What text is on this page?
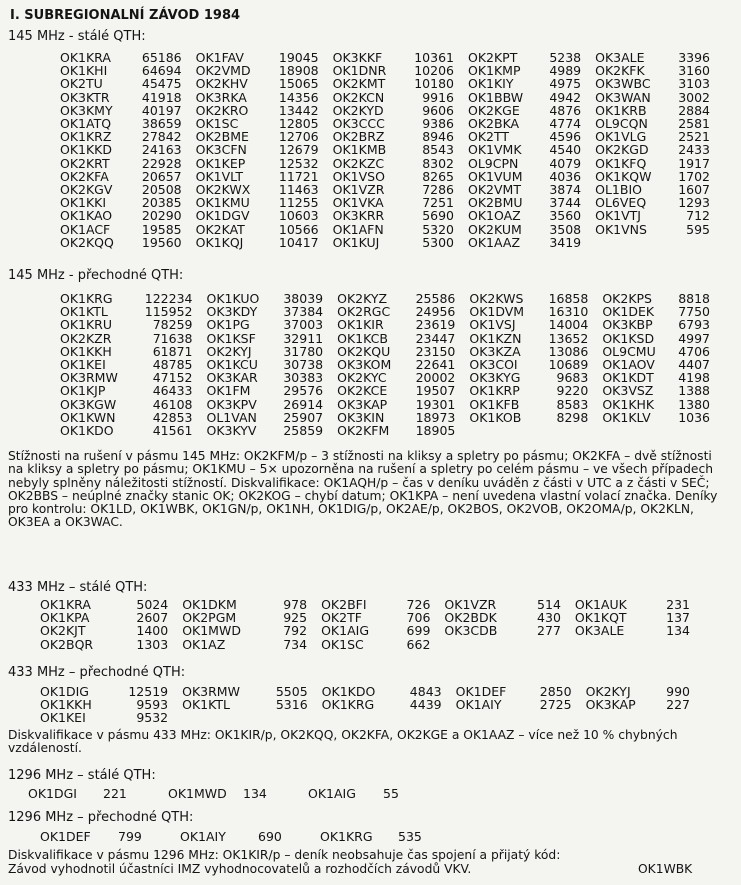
I. SUBREGIONALNÍ ZÁVOD 1984
145 MHz - stálé QTH:
OK1KRA	65186	OK1FAV	19045	OK3KKF	10361	OK2KPT	5238	OK3ALE	3396
OK1KHI	64694	OK2VMD	18908	OK1DNR	10206	OK1KMP	4989	OK2KFK	3160
OK2TU	45475	OK2KHV	15065	OK2KMT	10180	OK1KIY	4975	OK3WBC	3103
OK3KTR	41918	OK3RKA	14356	OK2KCN	9916	OK1BBW	4942	OK3WAN	3002
OK3KMY	40197	OK2KRO	13442	OK2KYD	9606	OK2KGE	4876	OK1KRB	2884
OK1ATQ	38659	OK1SC	12805	OK3CCC	9386	OK2BKA	4774	OL9CQN	2581
OK1KRZ	27842	OK2BME	12706	OK2BRZ	8946	OK2TT	4596	OK1VLG	2521
OK1KKD	24163	OK3CFN	12679	OK1KMB	8543	OK1VMK	4540	OK2KGD	2433
OK2KRT	22928	OK1KEP	12532	OK2KZC	8302	OL9CPN	4079	OK1KFQ	1917
OK2KFA	20657	OK1VLT	11721	OK1VSO	8265	OK1VUM	4036	OK1KQW	1702
OK2KGV	20508	OK2KWX	11463	OK1VZR	7286	OK2VMT	3874	OL1BIO	1607
OK1KKI	20385	OK1KMU	11255	OK1VKA	7251	OK2BMU	3744	OL6VEQ	1293
OK1KAO	20290	OK1DGV	10603	OK3KRR	5690	OK1OAZ	3560	OK1VTJ	712
OK1ACF	19585	OK2KAT	10566	OK1AFN	5320	OK2KUM	3508	OK1VNS	595
OK2KQQ	19560	OK1KQJ	10417	OK1KUJ	5300	OK1AAZ	3419		
145 MHz - přechodné QTH:
OK1KRG	122234	OK1KUO	38039	OK2KYZ	25586	OK2KWS	16858	OK2KPS	8818
OK1KTL	115952	OK3KDY	37384	OK2RGC	24956	OK1DVM	16310	OK1DEK	7750
OK1KRU	78259	OK1PG	37003	OK1KIR	23619	OK1VSJ	14004	OK3KBP	6793
OK2KZR	71638	OK1KSF	32911	OK1KCB	23447	OK1KZN	13652	OK1KSD	4997
OK1KKH	61871	OK2KYJ	31780	OK2KQU	23150	OK3KZA	13086	OL9CMU	4706
OK1KEI	48785	OK1KCU	30738	OK3KOM	22641	OK3COI	10689	OK1AOV	4407
OK3RMW	47152	OK3KAR	30383	OK2KYC	20002	OK3KYG	9683	OK1KDT	4198
OK1KJP	46433	OK1FM	29576	OK2KCE	19507	OK1KRP	9220	OK3VSZ	1388
OK3KGW	46108	OK3KPV	26914	OK3KAP	19301	OK1KFB	8583	OK1KHK	1380
OK1KWN	42853	OL1VAN	25907	OK3KIN	18973	OK1KOB	8298	OK1KLV	1036
OK1KDO	41561	OK3KYV	25859	OK2KFM	18905				
Stížnosti na rušení v pásmu 145 MHz: OK2KFM/p – 3 stížnosti na kliksy a spletry po pásmu; OK2KFA – dvě stížnosti na kliksy a spletry po pásmu; OK1KMU – 5× upozorněna na rušení a spletry po celém pásmu – ve všech případech nebyly splněny náležitosti stížností. Diskvalifikace: OK1AQH/p – čas v deníku uváděn z části v UTC a z části v SEČ; OK2BBS – neúplné značky stanic OK; OK2KOG – chybí datum; OK1KPA – není uvedena vlastní volací značka. Deníky pro kontrolu: OK1LD, OK1WBK, OK1GN/p, OK1NH, OK1DIG/p, OK2AE/p, OK2BOS, OK2VOB, OK2OMA/p, OK2KLN, OK3EA a OK3WAC.
433 MHz – stálé QTH:
OK1KRA	5024	OK1DKM	978	OK2BFI	726	OK1VZR	514	OK1AUK	231
OK1KPA	2607	OK2PGM	925	OK2TF	706	OK2BDK	430	OK1KQT	137
OK2KJT	1400	OK1MWD	792	OK1AIG	699	OK3CDB	277	OK3ALE	134
OK2BQR	1303	OK1AZ	734	OK1SC	662				
433 MHz – přechodné QTH:
OK1DIG	12519	OK3RMW	5505	OK1KDO	4843	OK1DEF	2850	OK2KYJ	990
OK1KKH	9593	OK1KTL	5316	OK1KRG	4439	OK1AIY	2725	OK3KAP	227
OK1KEI	9532								
Diskvalifikace v pásmu 433 MHz: OK1KIR/p, OK2KQQ, OK2KFA, OK2KGE a OK1AAZ – více než 10 % chybných vzdáleností.
1296 MHz – stálé QTH:
OK1DGI 221	OK1MWD 134	OK1AIG 55
1296 MHz – přechodné QTH:
OK1DEF 799	OK1AIY	690	OK1KRG 535
Diskvalifikace v pásmu 1296 MHz: OK1KIR/p – deník neobsahuje čas spojení a přijatý kód:
Závod vyhodnotil účastníci IMZ vyhodnocovatelů a rozhodčích závodů VKV.	OK1WBK
